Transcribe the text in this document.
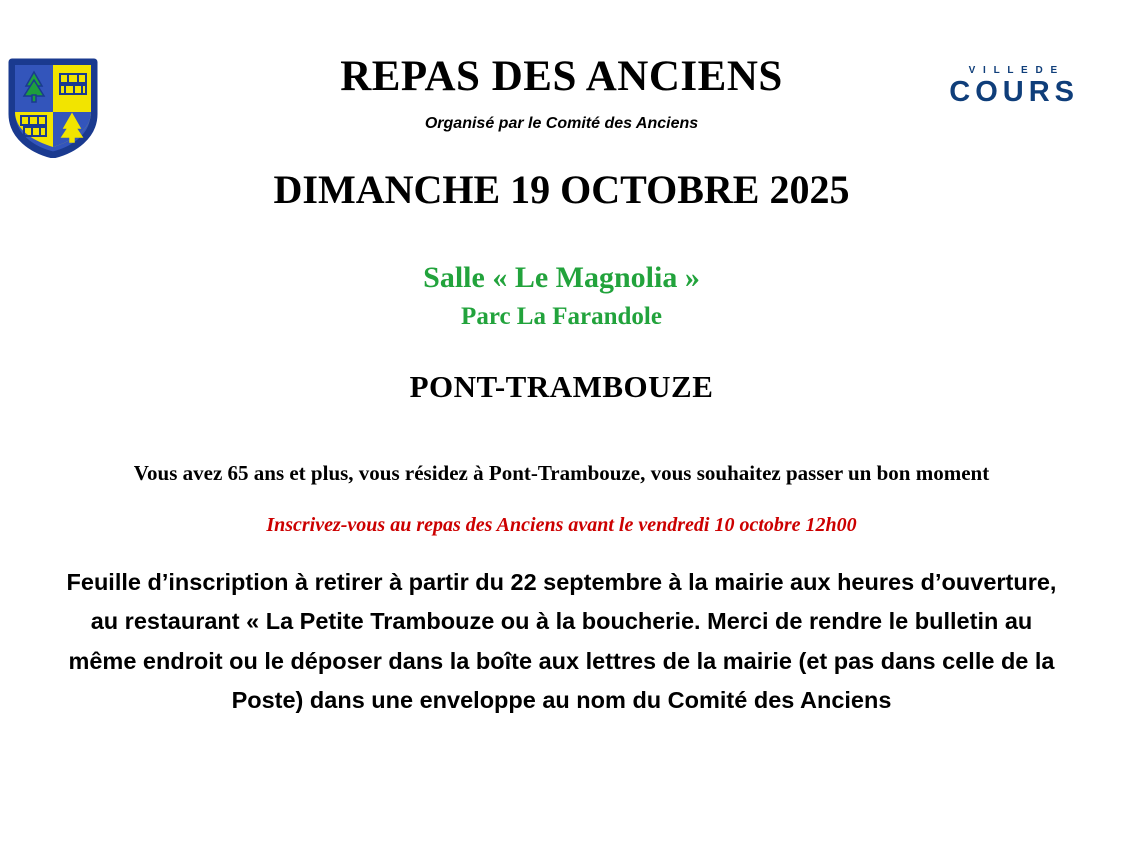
V I L L E D E
COURS
REPAS DES ANCIENS
Organisé par le Comité des Anciens
DIMANCHE 19 OCTOBRE 2025
Salle « Le Magnolia »
Parc La Farandole
PONT-TRAMBOUZE
Vous avez 65 ans et plus, vous résidez à Pont-Trambouze, vous souhaitez passer un bon moment
Inscrivez-vous au repas des Anciens avant le vendredi 10 octobre 12h00
Feuille d’inscription à retirer à partir du 22 septembre à la mairie aux heures d’ouverture, au restaurant « La Petite Trambouze ou à la boucherie. Merci de rendre le bulletin au même endroit ou le déposer dans la boîte aux lettres de la mairie (et pas dans celle de la Poste) dans une enveloppe au nom du Comité des Anciens
